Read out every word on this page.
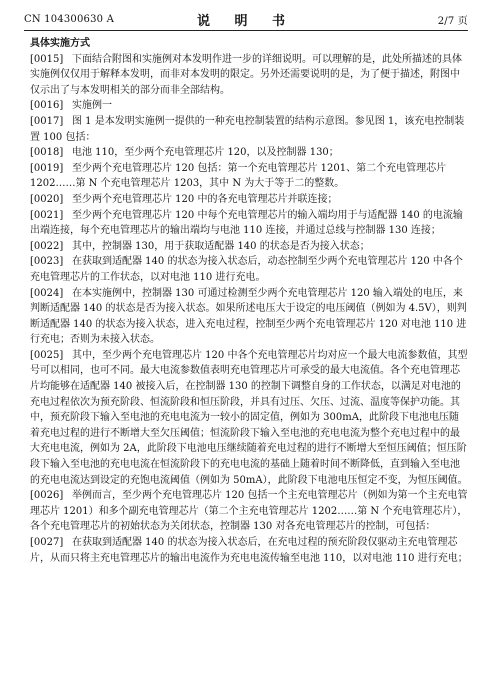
CN 104300630 A	说 明 书	2/7 页
具体实施方式
[0015] 下面结合附图和实施例对本发明作进一步的详细说明。可以理解的是，此处所描述的具体实施例仅仅用于解释本发明，而非对本发明的限定。另外还需要说明的是，为了便于描述，附图中仅示出了与本发明相关的部分而非全部结构。
[0016] 实施例一
[0017] 图 1 是本发明实施例一提供的一种充电控制装置的结构示意图。参见图 1，该充电控制装置 100 包括：
[0018] 电池 110，至少两个充电管理芯片 120，以及控制器 130；
[0019] 至少两个充电管理芯片 120 包括：第一个充电管理芯片 1201、第二个充电管理芯片 1202……第 N 个充电管理芯片 1203，其中 N 为大于等于二的整数。
[0020] 至少两个充电管理芯片 120 中的各充电管理芯片并联连接；
[0021] 至少两个充电管理芯片 120 中每个充电管理芯片的输入端均用于与适配器 140 的电流输出端连接，每个充电管理芯片的输出端均与电池 110 连接，并通过总线与控制器 130 连接；
[0022] 其中，控制器 130，用于获取适配器 140 的状态是否为接入状态；
[0023] 在获取到适配器 140 的状态为接入状态后，动态控制至少两个充电管理芯片 120 中各个充电管理芯片的工作状态，以对电池 110 进行充电。
[0024] 在本实施例中，控制器 130 可通过检测至少两个充电管理芯片 120 输入端处的电压，来判断适配器 140 的状态是否为接入状态。如果所述电压大于设定的电压阈值（例如为 4.5V），则判断适配器 140 的状态为接入状态，进入充电过程，控制至少两个充电管理芯片 120 对电池 110 进行充电；否则为未接入状态。
[0025] 其中，至少两个充电管理芯片 120 中各个充电管理芯片均对应一个最大电流参数值，其型号可以相同，也可不同。最大电流参数值表明充电管理芯片可承受的最大电流值。各个充电管理芯片均能够在适配器 140 被接入后，在控制器 130 的控制下调整自身的工作状态，以满足对电池的充电过程依次为预充阶段、恒流阶段和恒压阶段，并具有过压、欠压、过流、温度等保护功能。其中，预充阶段下输入至电池的充电电流为一较小的固定值，例如为 300mA，此阶段下电池电压随着充电过程的进行不断增大至欠压阈值；恒流阶段下输入至电池的充电电流为整个充电过程中的最大充电电流，例如为 2A，此阶段下电池电压继续随着充电过程的进行不断增大至恒压阈值；恒压阶段下输入至电池的充电电流在恒流阶段下的充电电流的基础上随着时间不断降低，直到输入至电池的充电电流达到设定的充饱电流阈值（例如为 50mA），此阶段下电池电压恒定不变，为恒压阈值。
[0026] 举例而言，至少两个充电管理芯片 120 包括一个主充电管理芯片（例如为第一个主充电管理芯片 1201）和多个副充电管理芯片（第二个主充电管理芯片 1202……第 N 个充电管理芯片），各个充电管理芯片的初始状态为关闭状态，控制器 130 对各充电管理芯片的控制，可包括：
[0027] 在获取到适配器 140 的状态为接入状态后，在充电过程的预充阶段仅驱动主充电管理芯片，从而只将主充电管理芯片的输出电流作为充电电流传输至电池 110，以对电池 110 进行充电；
